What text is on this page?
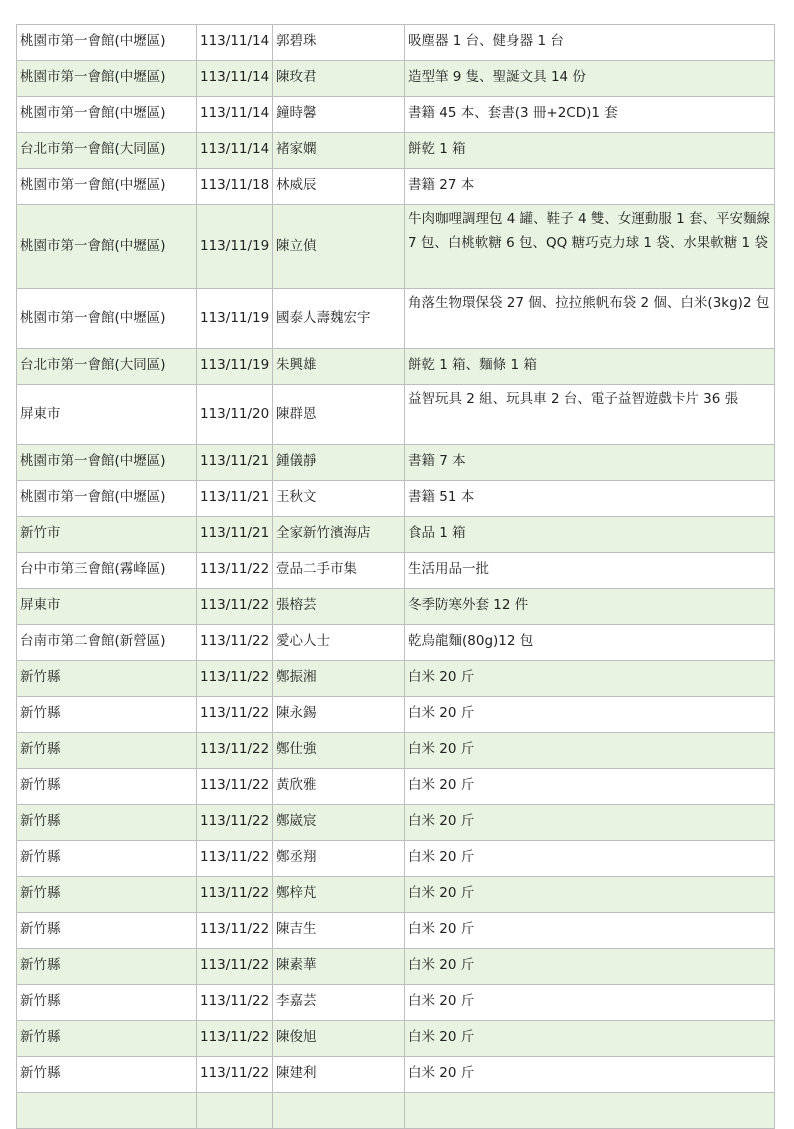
桃園市第一會館(中壢區)	113/11/14	郭碧珠	吸塵器 1 台、健身器 1 台
桃園市第一會館(中壢區)	113/11/14	陳玫君	造型筆 9 隻、聖誕文具 14 份
桃園市第一會館(中壢區)	113/11/14	鐘時馨	書籍 45 本、套書(3 冊+2CD)1 套
台北市第一會館(大同區)	113/11/14	褚家嫻	餅乾 1 箱
桃園市第一會館(中壢區)	113/11/18	林威辰	書籍 27 本
桃園市第一會館(中壢區)	113/11/19	陳立偵	牛肉咖哩調理包 4 罐、鞋子 4 雙、女運動服 1 套、平安麵線 7 包、白桃軟糖 6 包、QQ 糖巧克力球 1 袋、水果軟糖 1 袋
桃園市第一會館(中壢區)	113/11/19	國泰人壽魏宏宇	角落生物環保袋 27 個、拉拉熊帆布袋 2 個、白米(3kg)2 包
台北市第一會館(大同區)	113/11/19	朱興雄	餅乾 1 箱、麵條 1 箱
屏東市	113/11/20	陳群恩	益智玩具 2 組、玩具車 2 台、電子益智遊戲卡片 36 張
桃園市第一會館(中壢區)	113/11/21	鍾儀靜	書籍 7 本
桃園市第一會館(中壢區)	113/11/21	王秋文	書籍 51 本
新竹市	113/11/21	全家新竹濱海店	食品 1 箱
台中市第三會館(霧峰區)	113/11/22	壹品二手市集	生活用品一批
屏東市	113/11/22	張榕芸	冬季防寒外套 12 件
台南市第二會館(新營區)	113/11/22	愛心人士	乾烏龍麵(80g)12 包
新竹縣	113/11/22	鄭振湘	白米 20 斤
新竹縣	113/11/22	陳永錫	白米 20 斤
新竹縣	113/11/22	鄭仕強	白米 20 斤
新竹縣	113/11/22	黃欣雅	白米 20 斤
新竹縣	113/11/22	鄭崴宸	白米 20 斤
新竹縣	113/11/22	鄭丞翔	白米 20 斤
新竹縣	113/11/22	鄭梓芃	白米 20 斤
新竹縣	113/11/22	陳吉生	白米 20 斤
新竹縣	113/11/22	陳素華	白米 20 斤
新竹縣	113/11/22	李嘉芸	白米 20 斤
新竹縣	113/11/22	陳俊旭	白米 20 斤
新竹縣	113/11/22	陳建利	白米 20 斤
